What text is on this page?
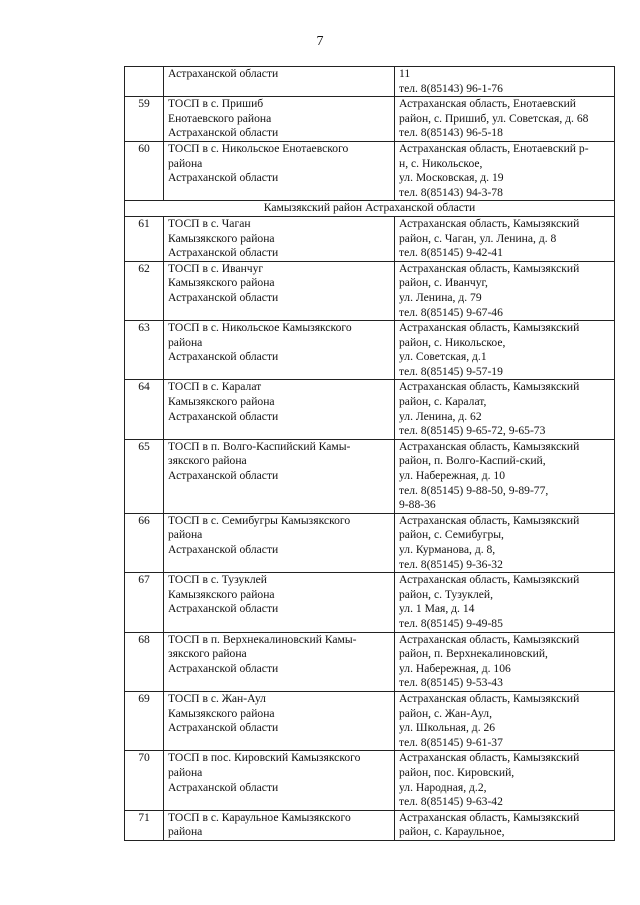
7

	Астраханской области	11
тел. 8(85143) 96-1-76

59	ТОСП в с. Пришиб
Енотаевского района
Астраханской области	Астраханская область, Енотаевский
район, с. Пришиб, ул. Советская, д. 68
тел. 8(85143) 96-5-18

60	ТОСП в с. Никольское Енотаевского
района
Астраханской области	Астраханская область, Енотаевский р-
н, с. Никольское,
ул. Московская, д. 19
тел. 8(85143) 94-3-78

Камызякский район Астраханской области		
61	ТОСП в с. Чаган
Камызякского района
Астраханской области	Астраханская область, Камызякский
район, с. Чаган, ул. Ленина, д. 8
тел. 8(85145) 9-42-41

62	ТОСП в с. Иванчуг
Камызякского района
Астраханской области	Астраханская область, Камызякский
район, с. Иванчуг,
ул. Ленина, д. 79
тел. 8(85145) 9-67-46

63	ТОСП в с. Никольское Камызякского
района
Астраханской области	Астраханская область, Камызякский
район, с. Никольское,
ул. Советская, д.1
тел. 8(85145) 9-57-19

64	ТОСП в с. Каралат
Камызякского района
Астраханской области	Астраханская область, Камызякский
район, с. Каралат,
ул. Ленина, д. 62
тел. 8(85145) 9-65-72, 9-65-73

65	ТОСП в п. Волго-Каспийский Камы-
зякского района
Астраханской области	Астраханская область, Камызякский
район, п. Волго-Каспий-ский,
ул. Набережная, д. 10
тел. 8(85145) 9-88-50, 9-89-77,
9-88-36

66	ТОСП в с. Семибугры Камызякского
района
Астраханской области	Астраханская область, Камызякский
район, с. Семибугры,
ул. Курманова, д. 8,
тел. 8(85145) 9-36-32

67	ТОСП в с. Тузуклей
Камызякского района
Астраханской области	Астраханская область, Камызякский
район, с. Тузуклей,
ул. 1 Мая, д. 14
тел. 8(85145) 9-49-85

68	ТОСП в п. Верхнекалиновский Камы-
зякского района
Астраханской области	Астраханская область, Камызякский
район, п. Верхнекалиновский,
ул. Набережная, д. 106
тел. 8(85145) 9-53-43

69	ТОСП в с. Жан-Аул
Камызякского района
Астраханской области	Астраханская область, Камызякский
район, с. Жан-Аул,
ул. Школьная, д. 26
тел. 8(85145) 9-61-37

70	ТОСП в пос. Кировский Камызякского
района
Астраханской области	Астраханская область, Камызякский
район, пос. Кировский,
ул. Народная, д.2,
тел. 8(85145) 9-63-42

71	ТОСП в с. Караульное Камызякского
района	Астраханская область, Камызякский
район, с. Караульное,
